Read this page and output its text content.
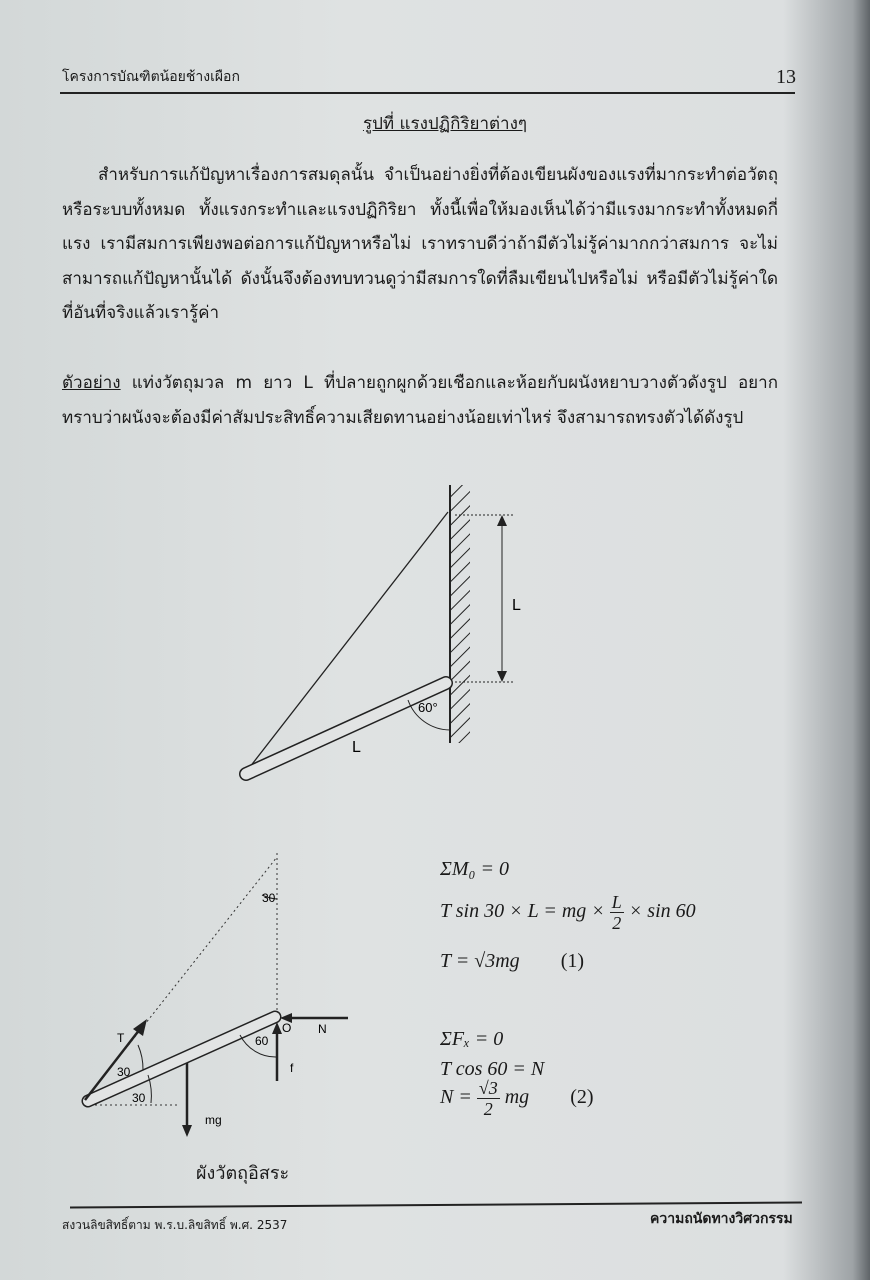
โครงการบัณฑิตน้อยช้างเผือก	13
รูปที่ แรงปฏิกิริยาต่างๆ

สำหรับการแก้ปัญหาเรื่องการสมดุลนั้น จำเป็นอย่างยิ่งที่ต้องเขียนผังของแรงที่มากระทำต่อวัตถุหรือระบบทั้งหมด ทั้งแรงกระทำและแรงปฏิกิริยา ทั้งนี้เพื่อให้มองเห็นได้ว่ามีแรงมากระทำทั้งหมดกี่แรง เรามีสมการเพียงพอต่อการแก้ปัญหาหรือไม่ เราทราบดีว่าถ้ามีตัวไม่รู้ค่ามากกว่าสมการ จะไม่สามารถแก้ปัญหานั้นได้ ดังนั้นจึงต้องทบทวนดูว่ามีสมการใดที่ลืมเขียนไปหรือไม่ หรือมีตัวไม่รู้ค่าใดที่อันที่จริงแล้วเรารู้ค่า

ตัวอย่าง แท่งวัตถุมวล m ยาว L ที่ปลายถูกผูกด้วยเชือกและห้อยกับผนังหยาบวางตัวดังรูป อยากทราบว่าผนังจะต้องมีค่าสัมประสิทธิ์ความเสียดทานอย่างน้อยเท่าไหร่ จึงสามารถทรงตัวได้ดังรูป

L
60°
L
30
T
30
30
mg
O N
60
f
ΣM₀ = 0
T sin 30 × L = mg × $\frac{L}{2} \times \sin 60$
T = √3mg (1)
ΣFₓ = 0
T cos 60 = N
$N = \frac{√3}{2}$ mg (2)
ผังวัตถุอิสระ
สงวนลิขสิทธิ์ตาม พ.ร.บ.ลิขสิทธิ์ พ.ศ. 2537	ความถนัดทางวิศวกรรม
